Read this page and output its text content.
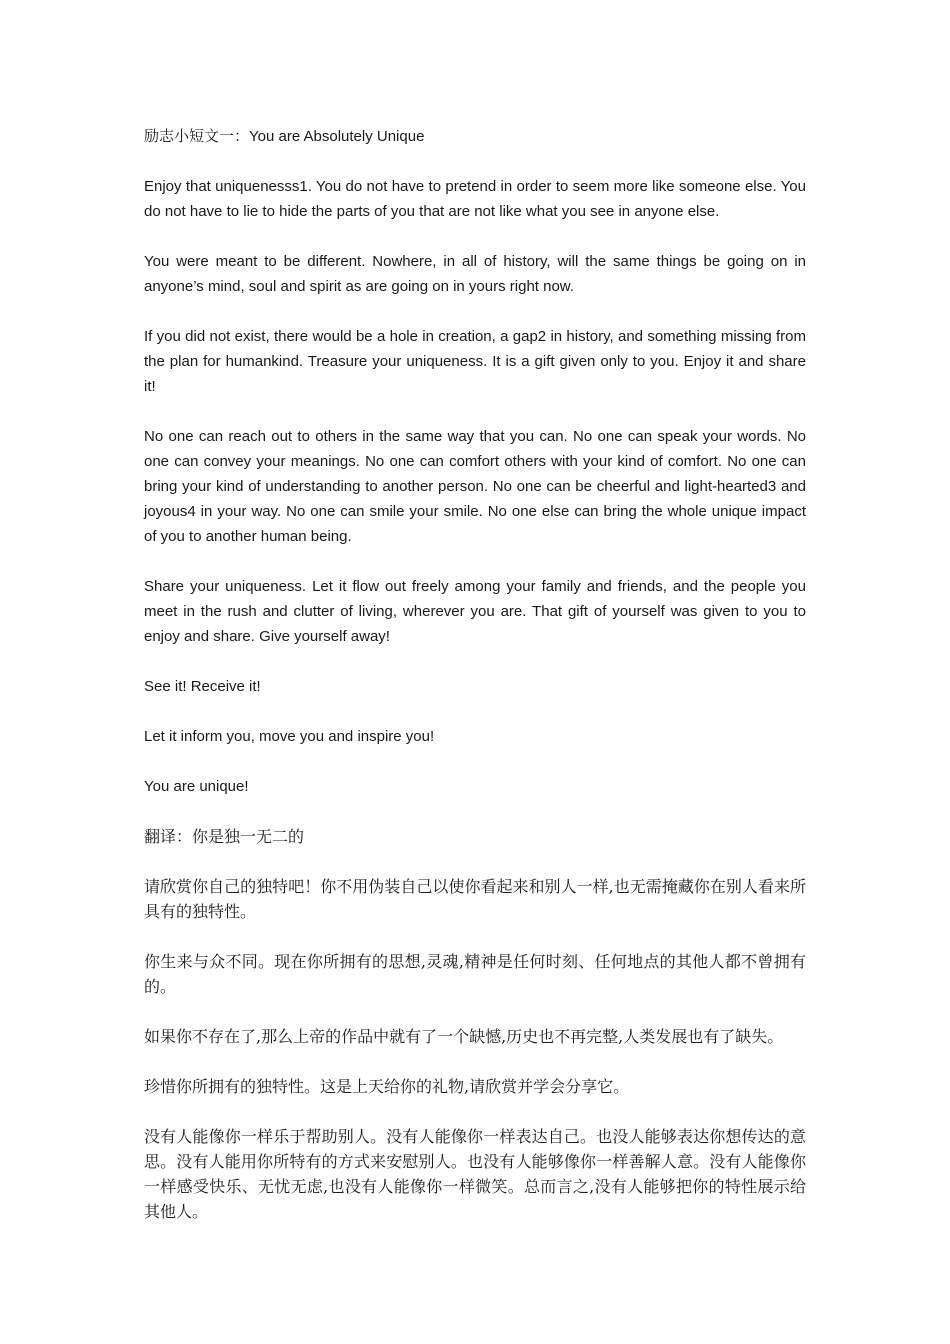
励志小短文一：You are Absolutely Unique

Enjoy that uniquenesss1. You do not have to pretend in order to seem more like someone else. You do not have to lie to hide the parts of you that are not like what you see in anyone else.

You were meant to be different. Nowhere, in all of history, will the same things be going on in anyone’s mind, soul and spirit as are going on in yours right now.

If you did not exist, there would be a hole in creation, a gap2 in history, and something missing from the plan for humankind. Treasure your uniqueness. It is a gift given only to you. Enjoy it and share it!

No one can reach out to others in the same way that you can. No one can speak your words. No one can convey your meanings. No one can comfort others with your kind of comfort. No one can bring your kind of understanding to another person. No one can be cheerful and light-hearted3 and joyous4 in your way. No one can smile your smile. No one else can bring the whole unique impact of you to another human being.

Share your uniqueness. Let it flow out freely among your family and friends, and the people you meet in the rush and clutter of living, wherever you are. That gift of yourself was given to you to enjoy and share. Give yourself away!

See it! Receive it!

Let it inform you, move you and inspire you!

You are unique!

翻译：你是独一无二的

请欣赏你自己的独特吧！你不用伪装自己以使你看起来和别人一样,也无需掩藏你在别人看来所具有的独特性。

你生来与众不同。现在你所拥有的思想,灵魂,精神是任何时刻、任何地点的其他人都不曾拥有的。

如果你不存在了,那么上帝的作品中就有了一个缺憾,历史也不再完整,人类发展也有了缺失。

珍惜你所拥有的独特性。这是上天给你的礼物,请欣赏并学会分享它。

没有人能像你一样乐于帮助别人。没有人能像你一样表达自己。也没人能够表达你想传达的意思。没有人能用你所特有的方式来安慰别人。也没有人能够像你一样善解人意。没有人能像你一样感受快乐、无忧无虑,也没有人能像你一样微笑。总而言之,没有人能够把你的特性展示给其他人。
